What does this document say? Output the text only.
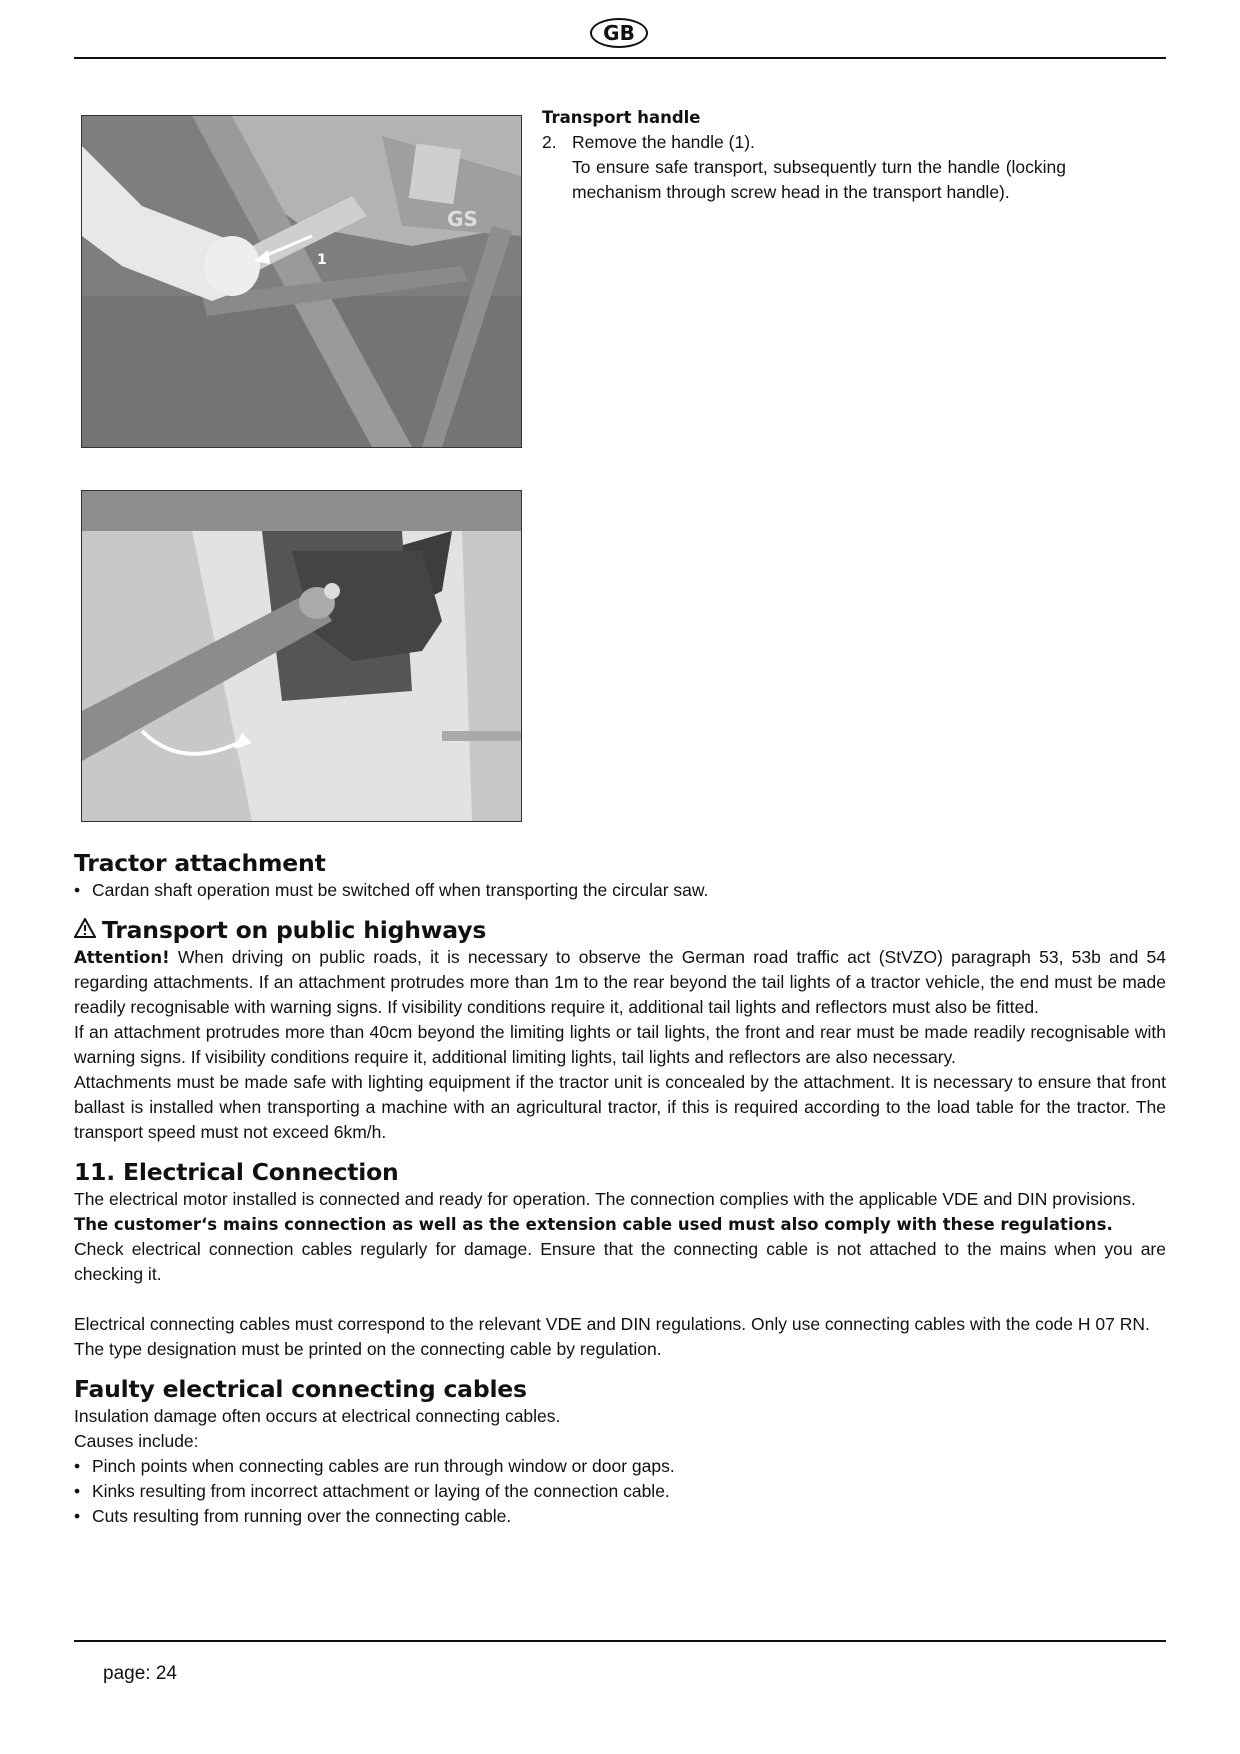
GB
1
GS

Transport handle

2. Remove the handle (1).

To ensure safe transport, subsequently turn the handle (locking mechanism through screw head in the transport handle).

Tractor attachment

• Cardan shaft operation must be switched off when transporting the circular saw.

Transport on public highways

Attention! When driving on public roads, it is necessary to observe the German road traffic act (StVZO) paragraph 53, 53b and 54 regarding attachments. If an attachment protrudes more than 1m to the rear beyond the tail lights of a tractor vehicle, the end must be made readily recognisable with warning signs. If visibility conditions require it, additional tail lights and reflectors must also be fitted.

If an attachment protrudes more than 40cm beyond the limiting lights or tail lights, the front and rear must be made readily recognisable with warning signs. If visibility conditions require it, additional limiting lights, tail lights and reflectors are also necessary.

Attachments must be made safe with lighting equipment if the tractor unit is concealed by the attachment. It is necessary to ensure that front ballast is installed when transporting a machine with an agricultural tractor, if this is required according to the load table for the tractor. The transport speed must not exceed 6km/h.

11. Electrical Connection

The electrical motor installed is connected and ready for operation. The connection complies with the applicable VDE and DIN provisions.

The customer‘s mains connection as well as the extension cable used must also comply with these regulations.

Check electrical connection cables regularly for damage. Ensure that the connecting cable is not attached to the mains when you are checking it.

Electrical connecting cables must correspond to the relevant VDE and DIN regulations. Only use connecting cables with the code H 07 RN.

The type designation must be printed on the connecting cable by regulation.

Faulty electrical connecting cables

Insulation damage often occurs at electrical connecting cables.

Causes include:

• Pinch points when connecting cables are run through window or door gaps.

• Kinks resulting from incorrect attachment or laying of the connection cable.

• Cuts resulting from running over the connecting cable.

page: 24
